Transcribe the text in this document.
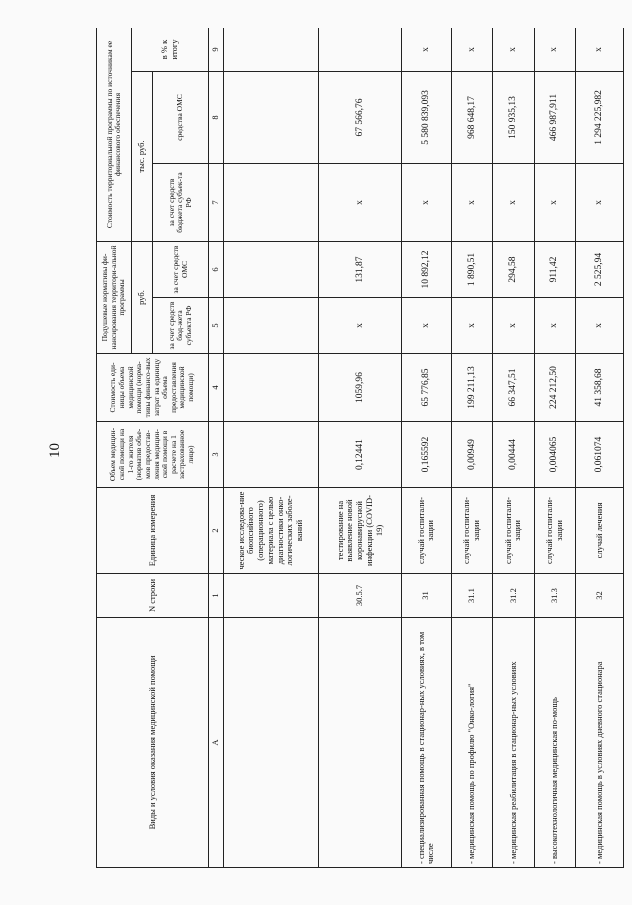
10
Виды и условия оказания медицинской помощи	N строки	Единица измерения	Объем медицин-ской помощи на 1-го жителя (норматив объе-мов предостав-ления медицин-ской помощи в расчете на 1 застрахованное лицо)	Стоимость еди-ницы объема медицинской помощи (норма-тивы финансо-вых затрат на единицу объема предоставления медицинской помощи)	Подушевые нормативы фи-нансирования территори-альной программы		Стоимость территориальной программы по источникам ее финансового обеспечения		
					руб.		тыс. руб.		в % к итогу
					за счет средств бюд-жета субъекта РФ	за счет средств ОМС	за счет средств бюджета субъек-та РФ	средства ОМС	
A	1	2	3	4	5	6	7	8	9
		ческое исследова-ние биопсийного (операционного) материала с целью диагностики онко-логических заболе-ваний							
	30.5.7	тестирование на выявление новой коронавирусной инфекции (COVID-19)	0,12441	1059,96	x	131,87	x	67 566,76	
- специализированная помощь в стационар-ных условиях, в том числе	31	случай госпитали-зации	0,165592	65 776,85	x	10 892,12	x	5 580 839,093	x
- медицинская помощь по профилю "Онко-логия"	31.1	случай госпитали-зации	0,00949	199 211,13	x	1 890,51	x	968 648,17	x
- медицинская реабилитация в стационар-ных условиях	31.2	случай госпитали-зации	0,00444	66 347,51	x	294,58	x	150 935,13	x
- высокотехнологичная медицинская по-мощь	31.3	случай госпитали-зации	0,004065	224 212,50	x	911,42	x	466 987,911	x
- медицинская помощь в условиях дневного стационара	32	случай лечения	0,061074	41 358,68	x	2 525,94	x	1 294 225,982	x
